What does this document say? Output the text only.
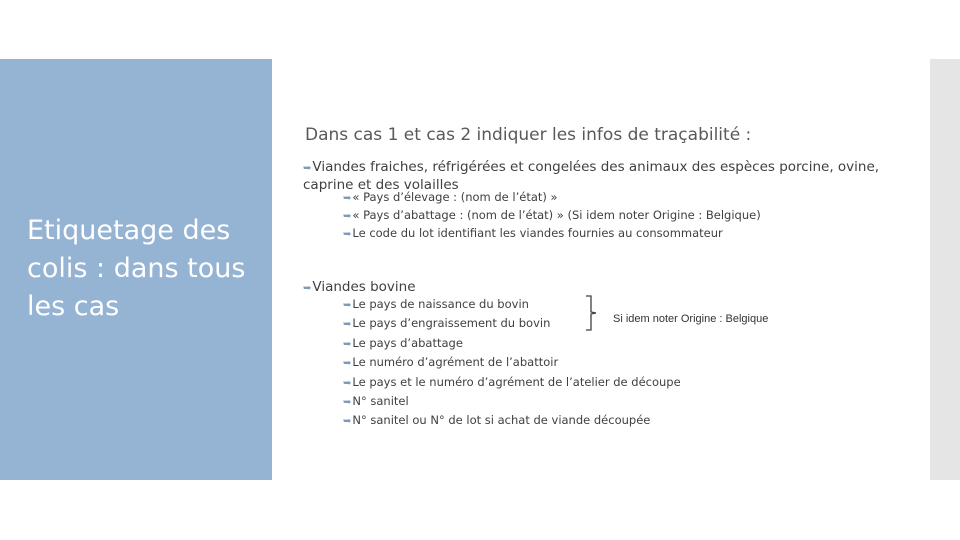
Etiquetage des colis : dans tous les cas
Dans cas 1 et cas 2 indiquer les infos de traçabilité :
➥Viandes fraiches, réfrigérées et congelées des animaux des espèces porcine, ovine, caprine et des volailles
➥« Pays d’élevage : (nom de l’état) »
➥« Pays d’abattage : (nom de l’état) » (Si idem noter Origine : Belgique)
➥Le code du lot identifiant les viandes fournies au consommateur
➥Viandes bovine
➥Le pays de naissance du bovin
➥Le pays d’engraissement du bovin
➥Le pays d’abattage
➥Le numéro d’agrément de l’abattoir
➥Le pays et le numéro d’agrément de l’atelier de découpe
➥N° sanitel
➥N° sanitel ou N° de lot si achat de viande découpée
Si idem noter Origine : Belgique
